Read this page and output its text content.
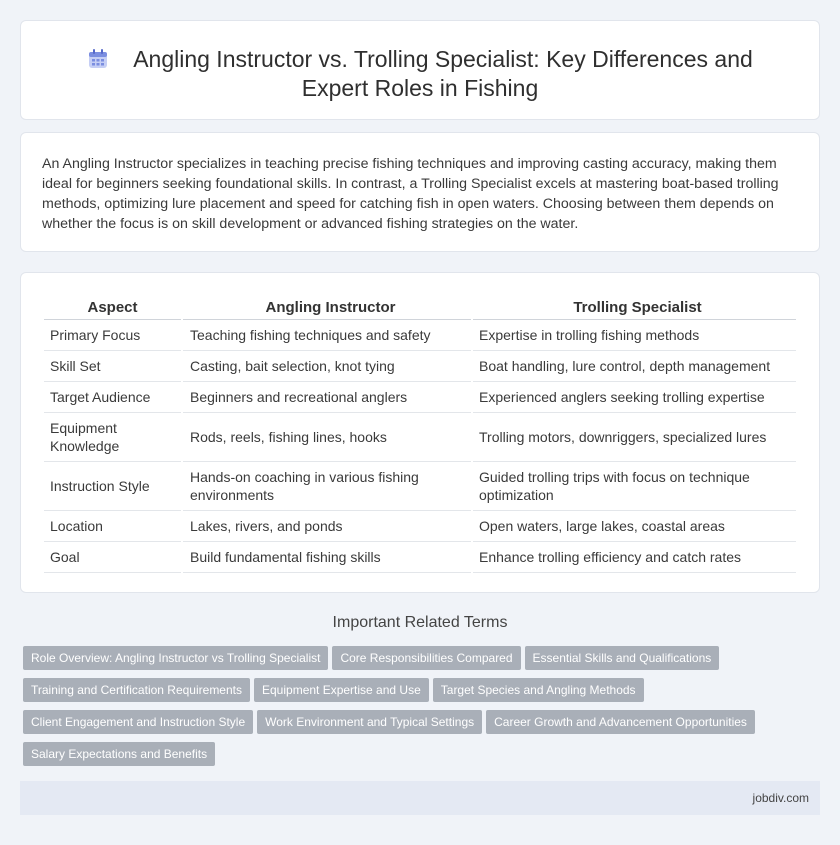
Angling Instructor vs. Trolling Specialist: Key Differences and Expert Roles in Fishing

An Angling Instructor specializes in teaching precise fishing techniques and improving casting accuracy, making them ideal for beginners seeking foundational skills. In contrast, a Trolling Specialist excels at mastering boat-based trolling methods, optimizing lure placement and speed for catching fish in open waters. Choosing between them depends on whether the focus is on skill development or advanced fishing strategies on the water.

Aspect	Angling Instructor	Trolling Specialist
Primary Focus	Teaching fishing techniques and safety	Expertise in trolling fishing methods
Skill Set	Casting, bait selection, knot tying	Boat handling, lure control, depth management
Target Audience	Beginners and recreational anglers	Experienced anglers seeking trolling expertise
Equipment Knowledge	Rods, reels, fishing lines, hooks	Trolling motors, downriggers, specialized lures
Instruction Style	Hands-on coaching in various fishing environments	Guided trolling trips with focus on technique optimization
Location	Lakes, rivers, and ponds	Open waters, large lakes, coastal areas
Goal	Build fundamental fishing skills	Enhance trolling efficiency and catch rates
Important Related Terms
Role Overview: Angling Instructor vs Trolling Specialist Core Responsibilities Compared Essential Skills and Qualifications
Training and Certification Requirements Equipment Expertise and Use Target Species and Angling Methods
Client Engagement and Instruction Style Work Environment and Typical Settings Career Growth and Advancement Opportunities
Salary Expectations and Benefits
jobdiv.com
